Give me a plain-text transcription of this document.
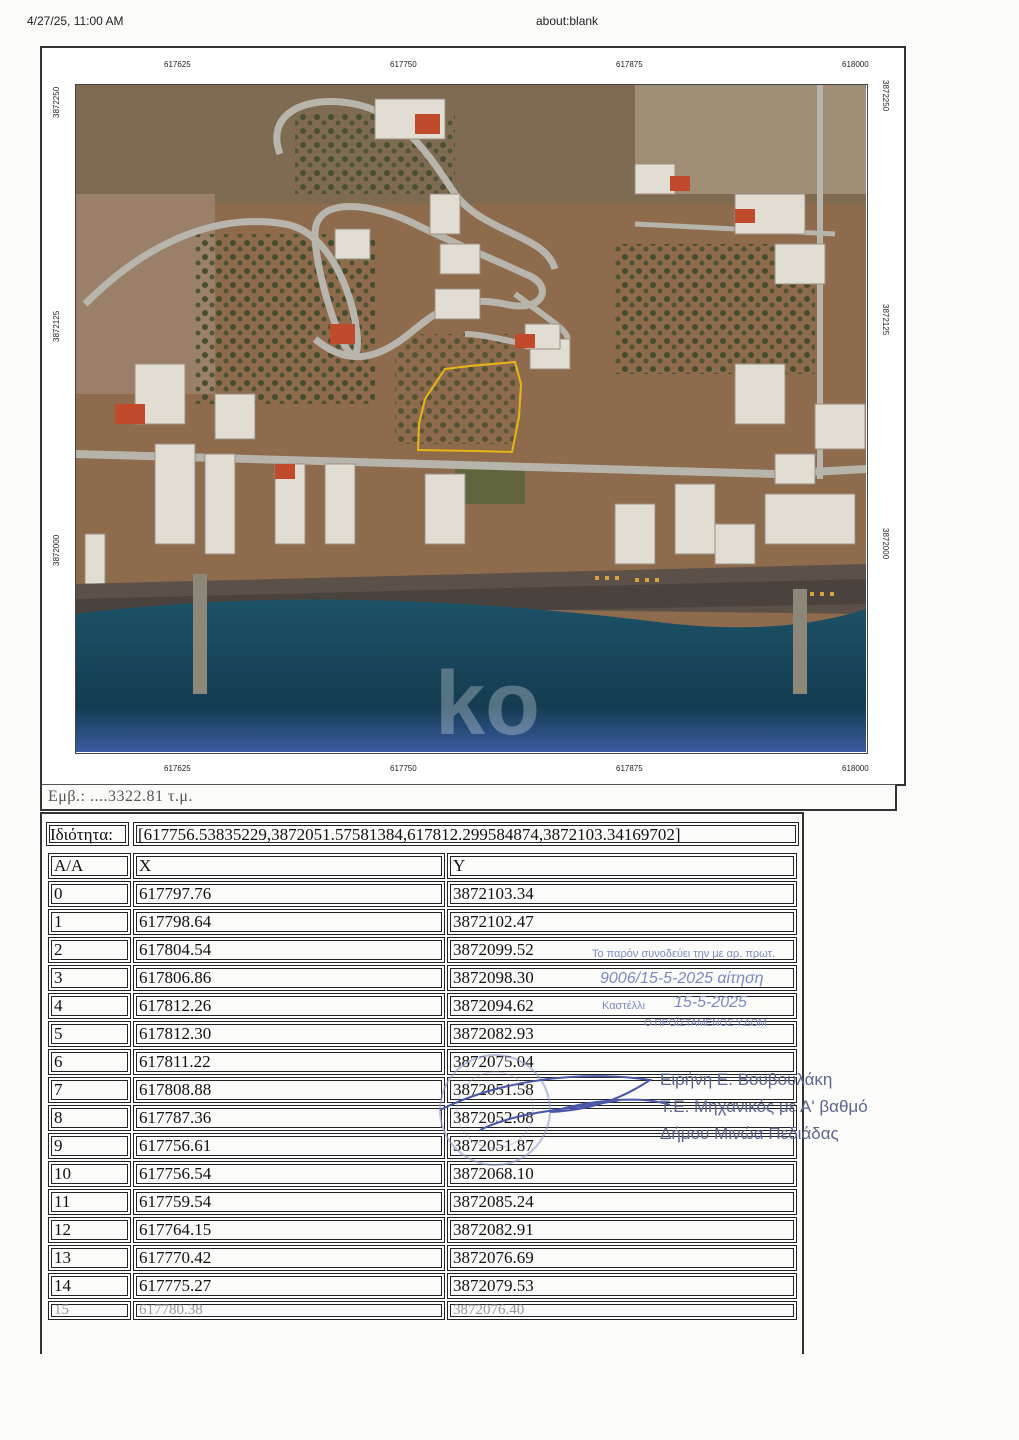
4/27/25, 11:00 AM	about:blank
ko
617625	617750	617875	618000
617625	617750	617875	618000
3872250
3872125
3872000
3872250
3872125
3872000
Εμβ.: ....3322.81 τ.μ.
Ιδιότητα:	[617756.53835229,3872051.57581384,617812.299584874,3872103.34169702]
A/A	X	Y
0	617797.76	3872103.34
1	617798.64	3872102.47
2	617804.54	3872099.52
3	617806.86	3872098.30
4	617812.26	3872094.62
5	617812.30	3872082.93
6	617811.22	3872075.04
7	617808.88	3872051.58
8	617787.36	3872052.08
9	617756.61	3872051.87
10	617756.54	3872068.10
11	617759.54	3872085.24
12	617764.15	3872082.91
13	617770.42	3872076.69
14	617775.27	3872079.53
15	617780.38	3872076.40
Το παρόν συνοδεύει την με αρ. πρωτ.
9006/15-5-2025 αίτηση
Καστέλλι 15-5-2025
Ο ΠΡΟΪΣΤΑΜΕΝΟΣ Υ.ΔΟΜ
Ειρήνη Ε. Βουβουλάκη
Τ.Ε. Μηχανικός με Α' βαθμό
Δήμου Μινώα Πεδιάδας
